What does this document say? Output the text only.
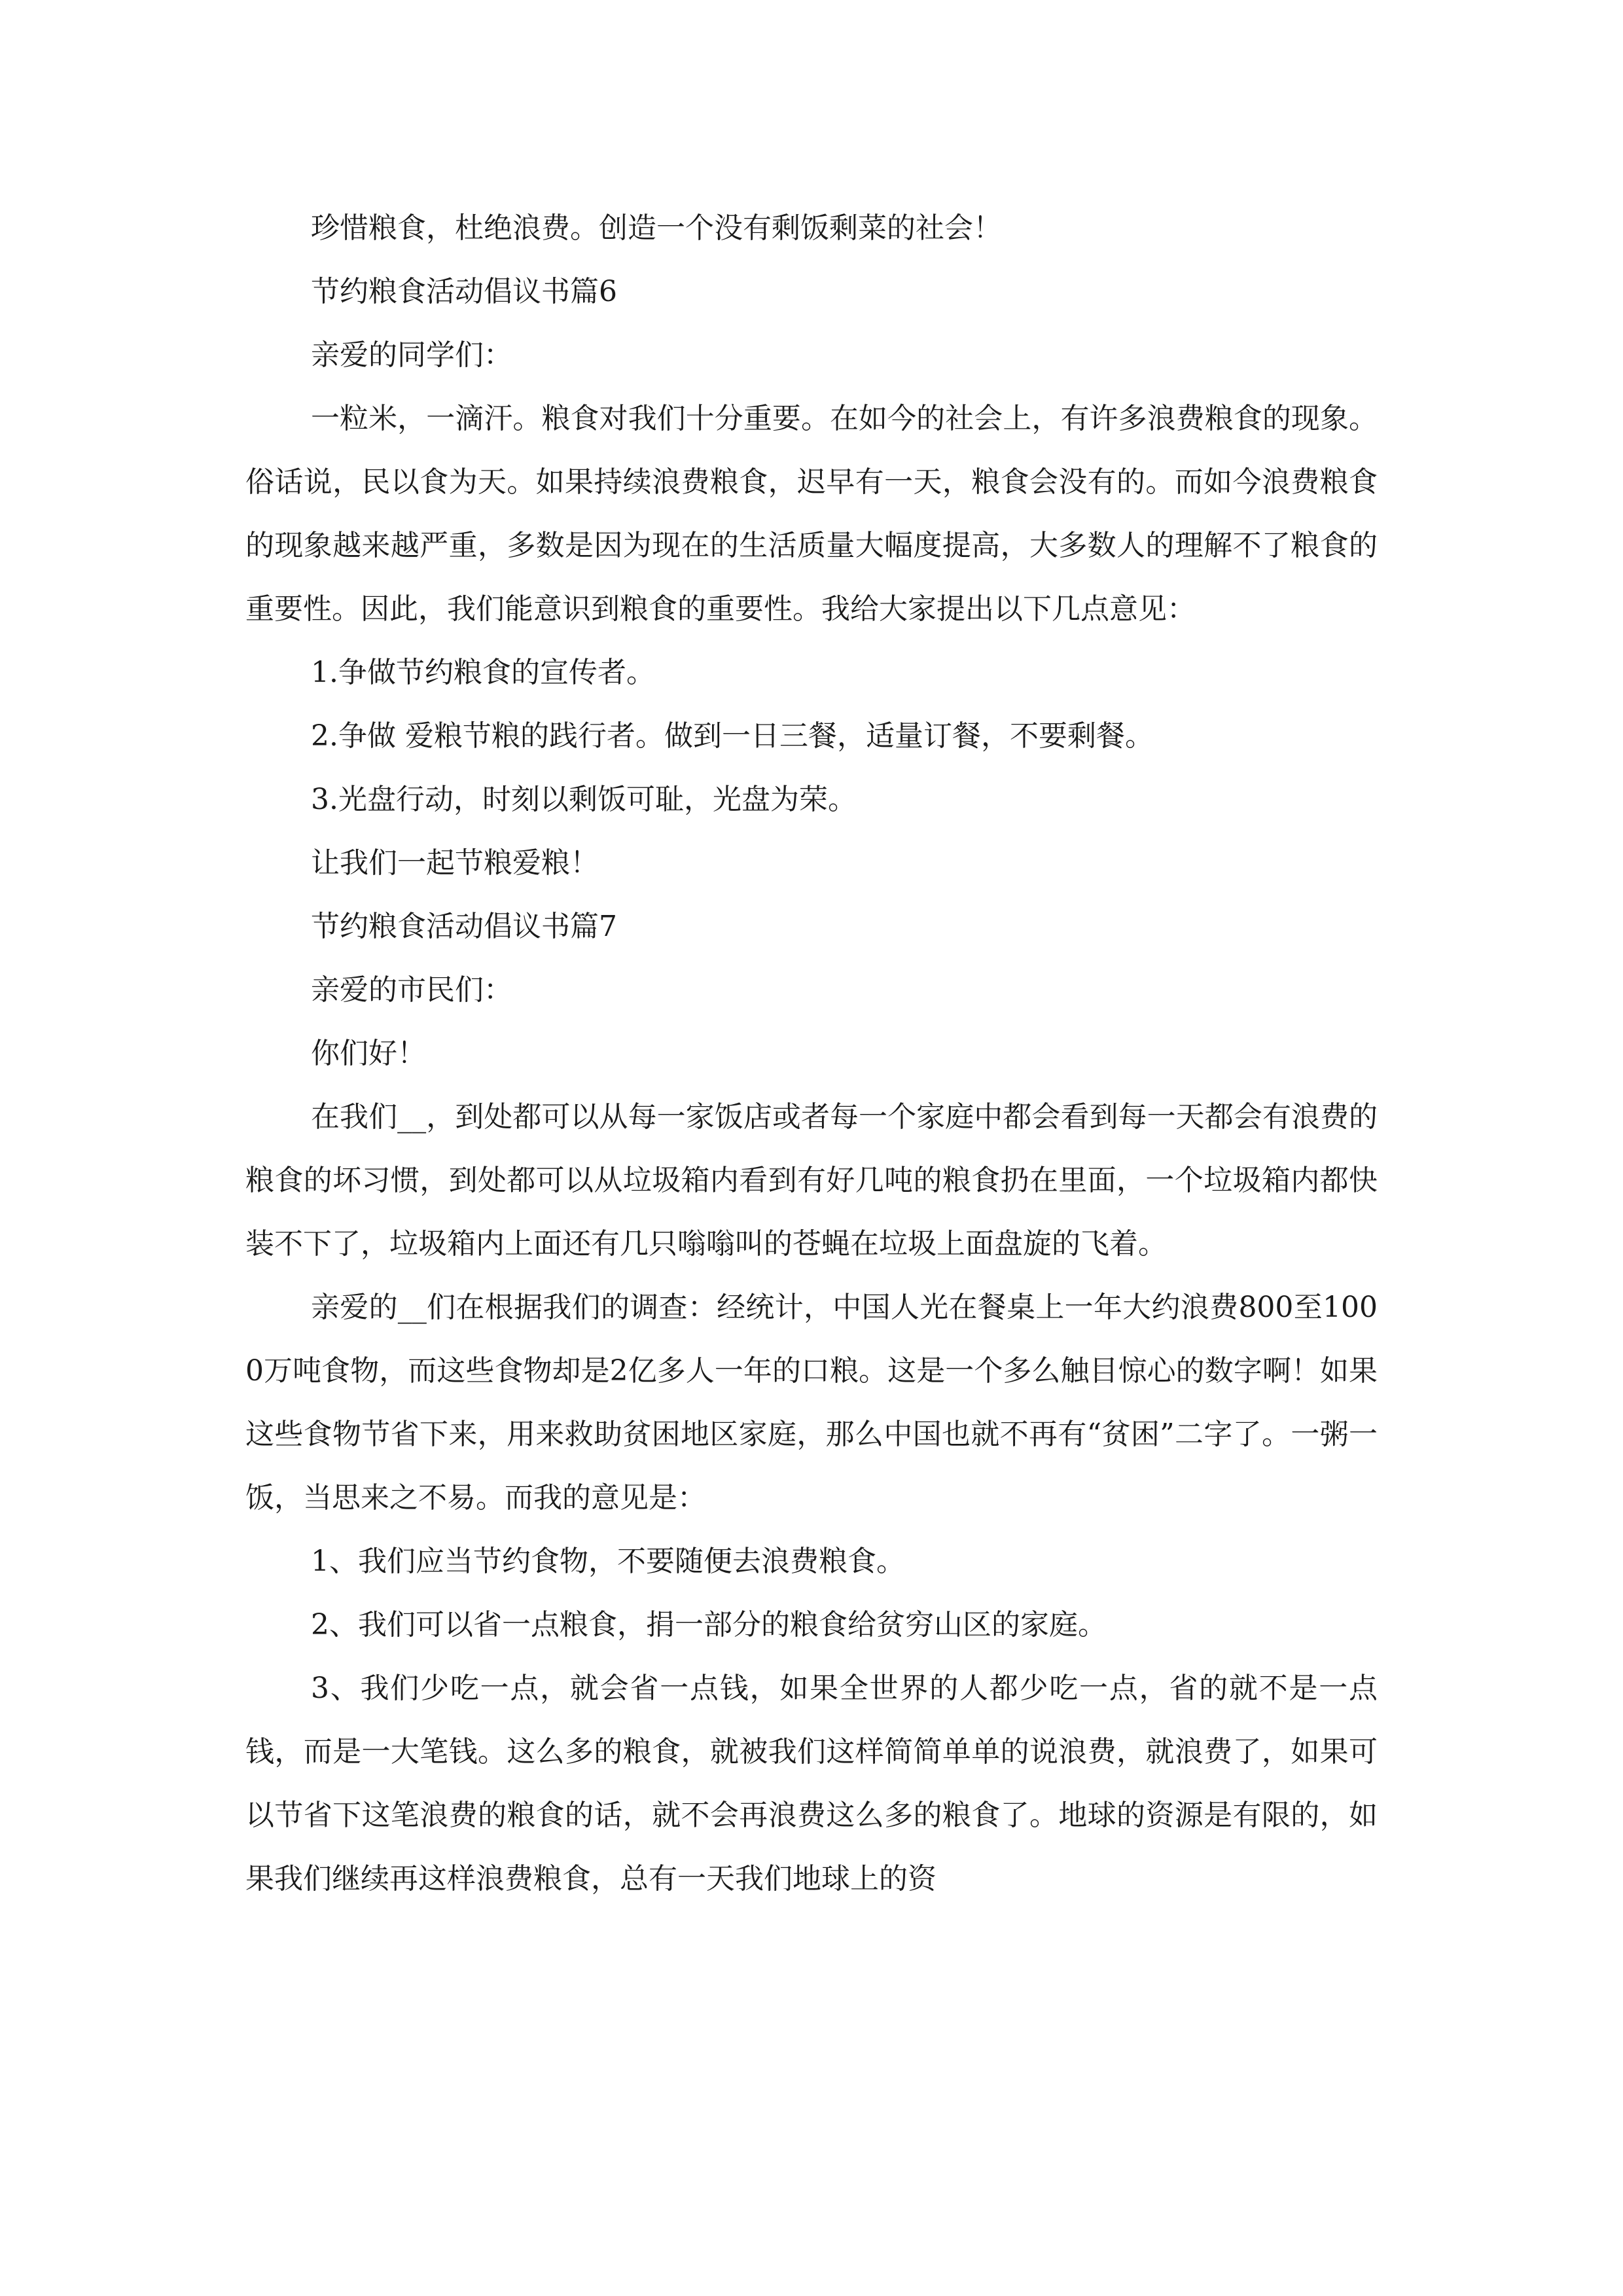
珍惜粮食，杜绝浪费。创造一个没有剩饭剩菜的社会！

节约粮食活动倡议书篇6

亲爱的同学们：

一粒米，一滴汗。粮食对我们十分重要。在如今的社会上，有许多浪费粮食的现象。俗话说，民以食为天。如果持续浪费粮食，迟早有一天，粮食会没有的。而如今浪费粮食的现象越来越严重，多数是因为现在的生活质量大幅度提高，大多数人的理解不了粮食的重要性。因此，我们能意识到粮食的重要性。我给大家提出以下几点意见：

1.争做节约粮食的宣传者。

2.争做 爱粮节粮的践行者。做到一日三餐，适量订餐，不要剩餐。

3.光盘行动，时刻以剩饭可耻，光盘为荣。

让我们一起节粮爱粮！

节约粮食活动倡议书篇7

亲爱的市民们：

你们好！

在我们__，到处都可以从每一家饭店或者每一个家庭中都会看到每一天都会有浪费的粮食的坏习惯，到处都可以从垃圾箱内看到有好几吨的粮食扔在里面，一个垃圾箱内都快装不下了，垃圾箱内上面还有几只嗡嗡叫的苍蝇在垃圾上面盘旋的飞着。

亲爱的__们在根据我们的调查：经统计，中国人光在餐桌上一年大约浪费800至1000万吨食物，而这些食物却是2亿多人一年的口粮。这是一个多么触目惊心的数字啊！如果这些食物节省下来，用来救助贫困地区家庭，那么中国也就不再有“贫困”二字了。一粥一饭，当思来之不易。而我的意见是：

1、我们应当节约食物，不要随便去浪费粮食。

2、我们可以省一点粮食，捐一部分的粮食给贫穷山区的家庭。

3、我们少吃一点，就会省一点钱，如果全世界的人都少吃一点，省的就不是一点钱，而是一大笔钱。这么多的粮食，就被我们这样简简单单的说浪费，就浪费了，如果可以节省下这笔浪费的粮食的话，就不会再浪费这么多的粮食了。地球的资源是有限的，如果我们继续再这样浪费粮食，总有一天我们地球上的资
